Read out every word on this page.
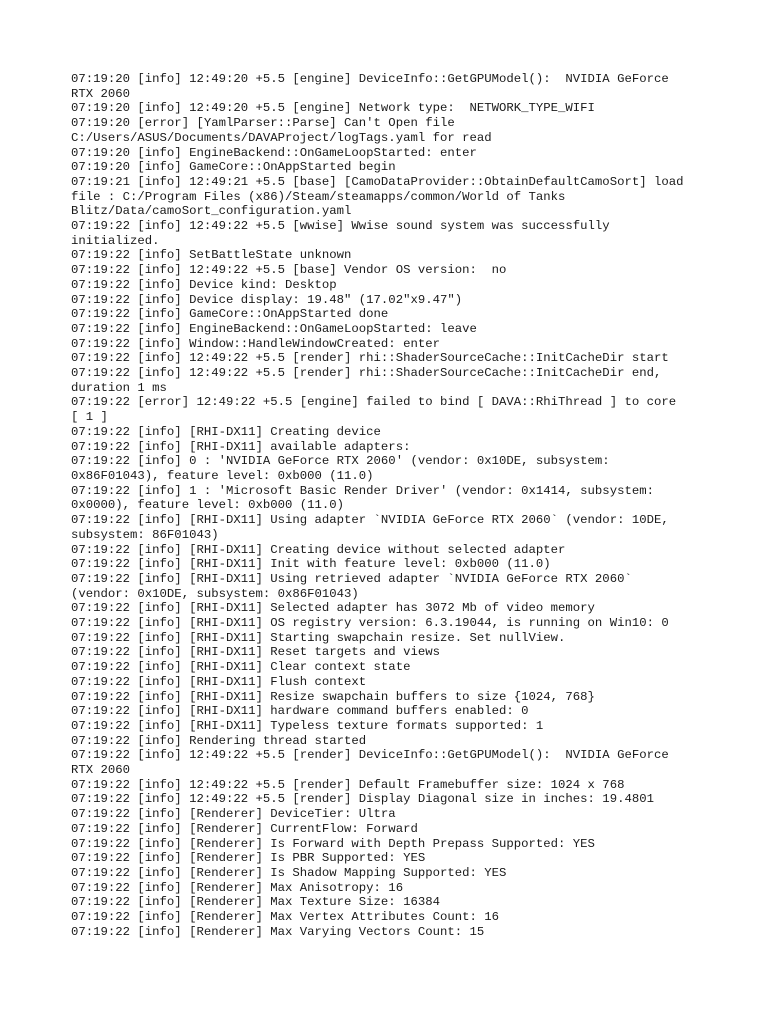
07:19:20 [info] 12:49:20 +5.5 [engine] DeviceInfo::GetGPUModel():  NVIDIA GeForce
RTX 2060
07:19:20 [info] 12:49:20 +5.5 [engine] Network type:  NETWORK_TYPE_WIFI
07:19:20 [error] [YamlParser::Parse] Can't Open file
C:/Users/ASUS/Documents/DAVAProject/logTags.yaml for read
07:19:20 [info] EngineBackend::OnGameLoopStarted: enter
07:19:20 [info] GameCore::OnAppStarted begin
07:19:21 [info] 12:49:21 +5.5 [base] [CamoDataProvider::ObtainDefaultCamoSort] load
file : C:/Program Files (x86)/Steam/steamapps/common/World of Tanks
Blitz/Data/camoSort_configuration.yaml
07:19:22 [info] 12:49:22 +5.5 [wwise] Wwise sound system was successfully
initialized.
07:19:22 [info] SetBattleState unknown
07:19:22 [info] 12:49:22 +5.5 [base] Vendor OS version:  no
07:19:22 [info] Device kind: Desktop
07:19:22 [info] Device display: 19.48" (17.02"x9.47")
07:19:22 [info] GameCore::OnAppStarted done
07:19:22 [info] EngineBackend::OnGameLoopStarted: leave
07:19:22 [info] Window::HandleWindowCreated: enter
07:19:22 [info] 12:49:22 +5.5 [render] rhi::ShaderSourceCache::InitCacheDir start
07:19:22 [info] 12:49:22 +5.5 [render] rhi::ShaderSourceCache::InitCacheDir end,
duration 1 ms
07:19:22 [error] 12:49:22 +5.5 [engine] failed to bind [ DAVA::RhiThread ] to core
[ 1 ]
07:19:22 [info] [RHI-DX11] Creating device
07:19:22 [info] [RHI-DX11] available adapters:
07:19:22 [info] 0 : 'NVIDIA GeForce RTX 2060' (vendor: 0x10DE, subsystem:
0x86F01043), feature level: 0xb000 (11.0)
07:19:22 [info] 1 : 'Microsoft Basic Render Driver' (vendor: 0x1414, subsystem:
0x0000), feature level: 0xb000 (11.0)
07:19:22 [info] [RHI-DX11] Using adapter `NVIDIA GeForce RTX 2060` (vendor: 10DE,
subsystem: 86F01043)
07:19:22 [info] [RHI-DX11] Creating device without selected adapter
07:19:22 [info] [RHI-DX11] Init with feature level: 0xb000 (11.0)
07:19:22 [info] [RHI-DX11] Using retrieved adapter `NVIDIA GeForce RTX 2060`
(vendor: 0x10DE, subsystem: 0x86F01043)
07:19:22 [info] [RHI-DX11] Selected adapter has 3072 Mb of video memory
07:19:22 [info] [RHI-DX11] OS registry version: 6.3.19044, is running on Win10: 0
07:19:22 [info] [RHI-DX11] Starting swapchain resize. Set nullView.
07:19:22 [info] [RHI-DX11] Reset targets and views
07:19:22 [info] [RHI-DX11] Clear context state
07:19:22 [info] [RHI-DX11] Flush context
07:19:22 [info] [RHI-DX11] Resize swapchain buffers to size {1024, 768}
07:19:22 [info] [RHI-DX11] hardware command buffers enabled: 0
07:19:22 [info] [RHI-DX11] Typeless texture formats supported: 1
07:19:22 [info] Rendering thread started
07:19:22 [info] 12:49:22 +5.5 [render] DeviceInfo::GetGPUModel():  NVIDIA GeForce
RTX 2060
07:19:22 [info] 12:49:22 +5.5 [render] Default Framebuffer size: 1024 x 768
07:19:22 [info] 12:49:22 +5.5 [render] Display Diagonal size in inches: 19.4801
07:19:22 [info] [Renderer] DeviceTier: Ultra
07:19:22 [info] [Renderer] CurrentFlow: Forward
07:19:22 [info] [Renderer] Is Forward with Depth Prepass Supported: YES
07:19:22 [info] [Renderer] Is PBR Supported: YES
07:19:22 [info] [Renderer] Is Shadow Mapping Supported: YES
07:19:22 [info] [Renderer] Max Anisotropy: 16
07:19:22 [info] [Renderer] Max Texture Size: 16384
07:19:22 [info] [Renderer] Max Vertex Attributes Count: 16
07:19:22 [info] [Renderer] Max Varying Vectors Count: 15
